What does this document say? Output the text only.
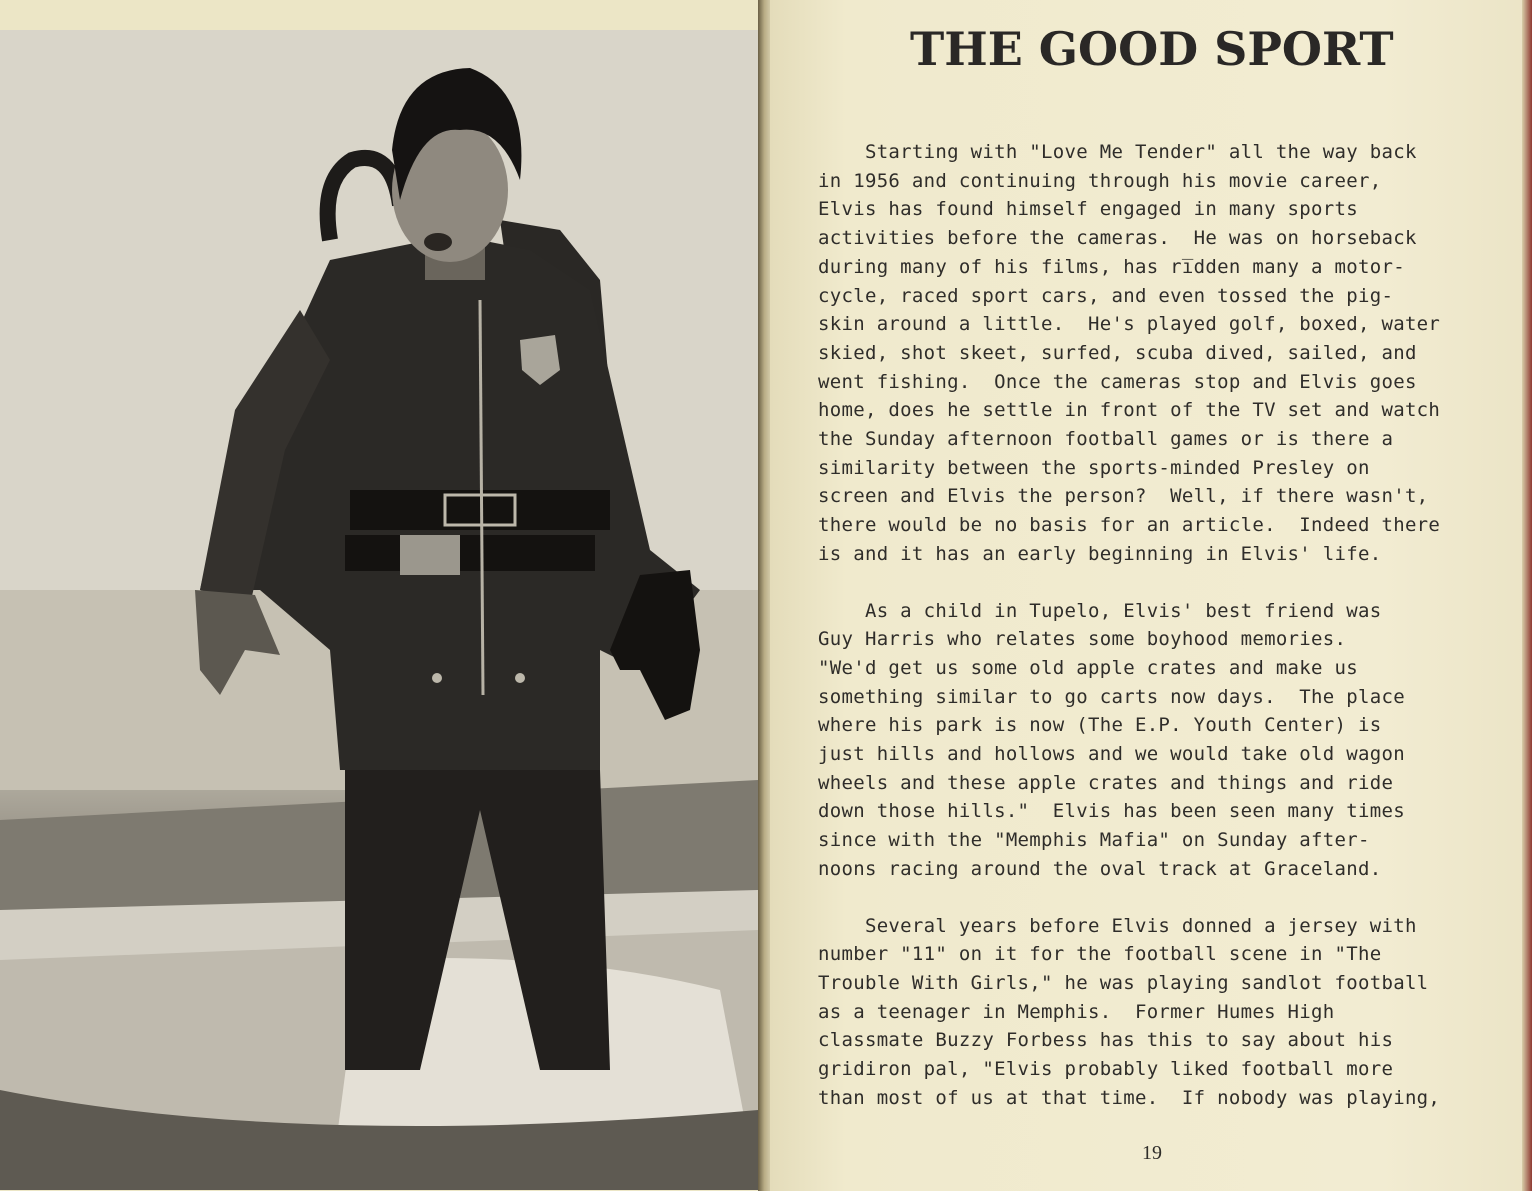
THE GOOD SPORT

Starting with "Love Me Tender" all the way back
in 1956 and continuing through his movie career,
Elvis has found himself engaged in many sports
activities before the cameras.  He was on horseback
during many of his films, has ri̅dden many a motor-
cycle, raced sport cars, and even tossed the pig-
skin around a little.  He's played golf, boxed, water
skied, shot skeet, surfed, scuba dived, sailed, and
went fishing.  Once the cameras stop and Elvis goes
home, does he settle in front of the TV set and watch
the Sunday afternoon football games or is there a
similarity between the sports-minded Presley on
screen and Elvis the person?  Well, if there wasn't,
there would be no basis for an article.  Indeed there
is and it has an early beginning in Elvis' life.

As a child in Tupelo, Elvis' best friend was
Guy Harris who relates some boyhood memories.
"We'd get us some old apple crates and make us
something similar to go carts now days.  The place
where his park is now (The E.P. Youth Center) is
just hills and hollows and we would take old wagon
wheels and these apple crates and things and ride
down those hills."  Elvis has been seen many times
since with the "Memphis Mafia" on Sunday after-
noons racing around the oval track at Graceland.

Several years before Elvis donned a jersey with
number "11" on it for the football scene in "The
Trouble With Girls," he was playing sandlot football
as a teenager in Memphis.  Former Humes High
classmate Buzzy Forbess has this to say about his
gridiron pal, "Elvis probably liked football more
than most of us at that time.  If nobody was playing,

19
